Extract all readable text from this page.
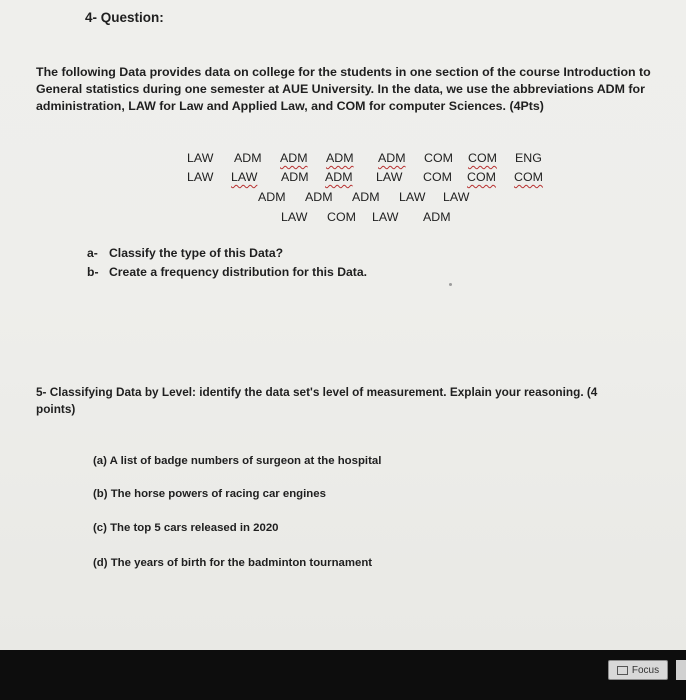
4- Question:
The following Data provides data on college for the students in one section of the course Introduction to General statistics during one semester at AUE University. In the data, we use the abbreviations ADM for administration, LAW for Law and Applied Law, and COM for computer Sciences. (4Pts)
LAW ADM ADM ADM ADM COM COM ENG
LAW LAW ADM ADM LAW COM COM COM
ADM ADM ADM LAW LAW
LAW COM LAW ADM
a- Classify the type of this Data?
b- Create a frequency distribution for this Data.
5- Classifying Data by Level: identify the data set's level of measurement. Explain your reasoning. (4 points)
(a) A list of badge numbers of surgeon at the hospital
(b) The horse powers of racing car engines
(c) The top 5 cars released in 2020
(d) The years of birth for the badminton tournament
Focus
